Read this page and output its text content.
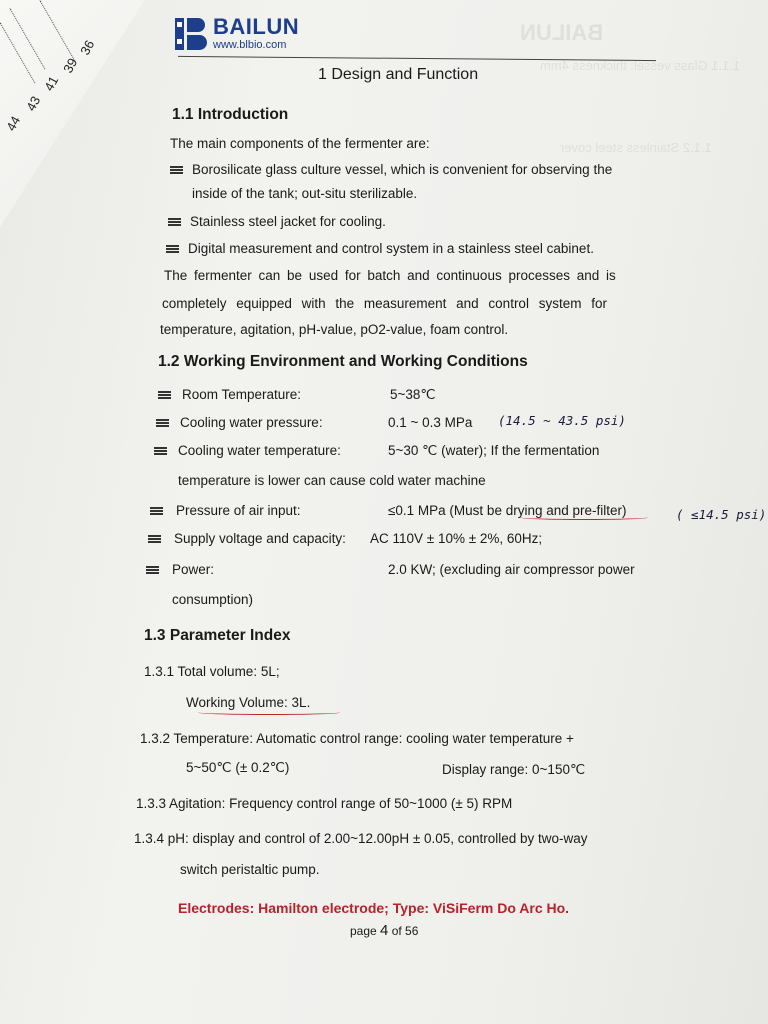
BAILUN
1.1.1 Glass vessel: thickness 4mm
1.1.2 Stainless steel cover
36
39
41
43
44
BAILUN
www.blbio.com
1 Design and Function
1.1 Introduction
The main components of the fermenter are:
Borosilicate glass culture vessel, which is convenient for observing the
inside of the tank; out-situ sterilizable.
Stainless steel jacket for cooling.
Digital measurement and control system in a stainless steel cabinet.
The fermenter can be used for batch and continuous processes and is
completely equipped with the measurement and control system for
temperature, agitation, pH-value, pO2-value, foam control.
1.2 Working Environment and Working Conditions
Room Temperature:	5~38℃
Cooling water pressure:	0.1 ~ 0.3 MPa (14.5 ~ 43.5 psi)
Cooling water temperature:	5~30 ℃ (water); If the fermentation
temperature is lower can cause cold water machine
Pressure of air input:	≤0.1 MPa (Must be drying and pre-filter)	( ≤14.5 psi)
Supply voltage and capacity: AC 110V ± 10% ± 2%, 60Hz;
Power:	2.0 KW; (excluding air compressor power
consumption)
1.3 Parameter Index
1.3.1 Total volume: 5L;
Working Volume: 3L.
1.3.2 Temperature: Automatic control range: cooling water temperature +
5~50℃ (± 0.2℃)	Display range: 0~150℃
1.3.3 Agitation: Frequency control range of 50~1000 (± 5) RPM
1.3.4 pH: display and control of 2.00~12.00pH ± 0.05, controlled by two-way
switch peristaltic pump.
Electrodes: Hamilton electrode; Type: ViSiFerm Do Arc Ho.
page 4 of 56
